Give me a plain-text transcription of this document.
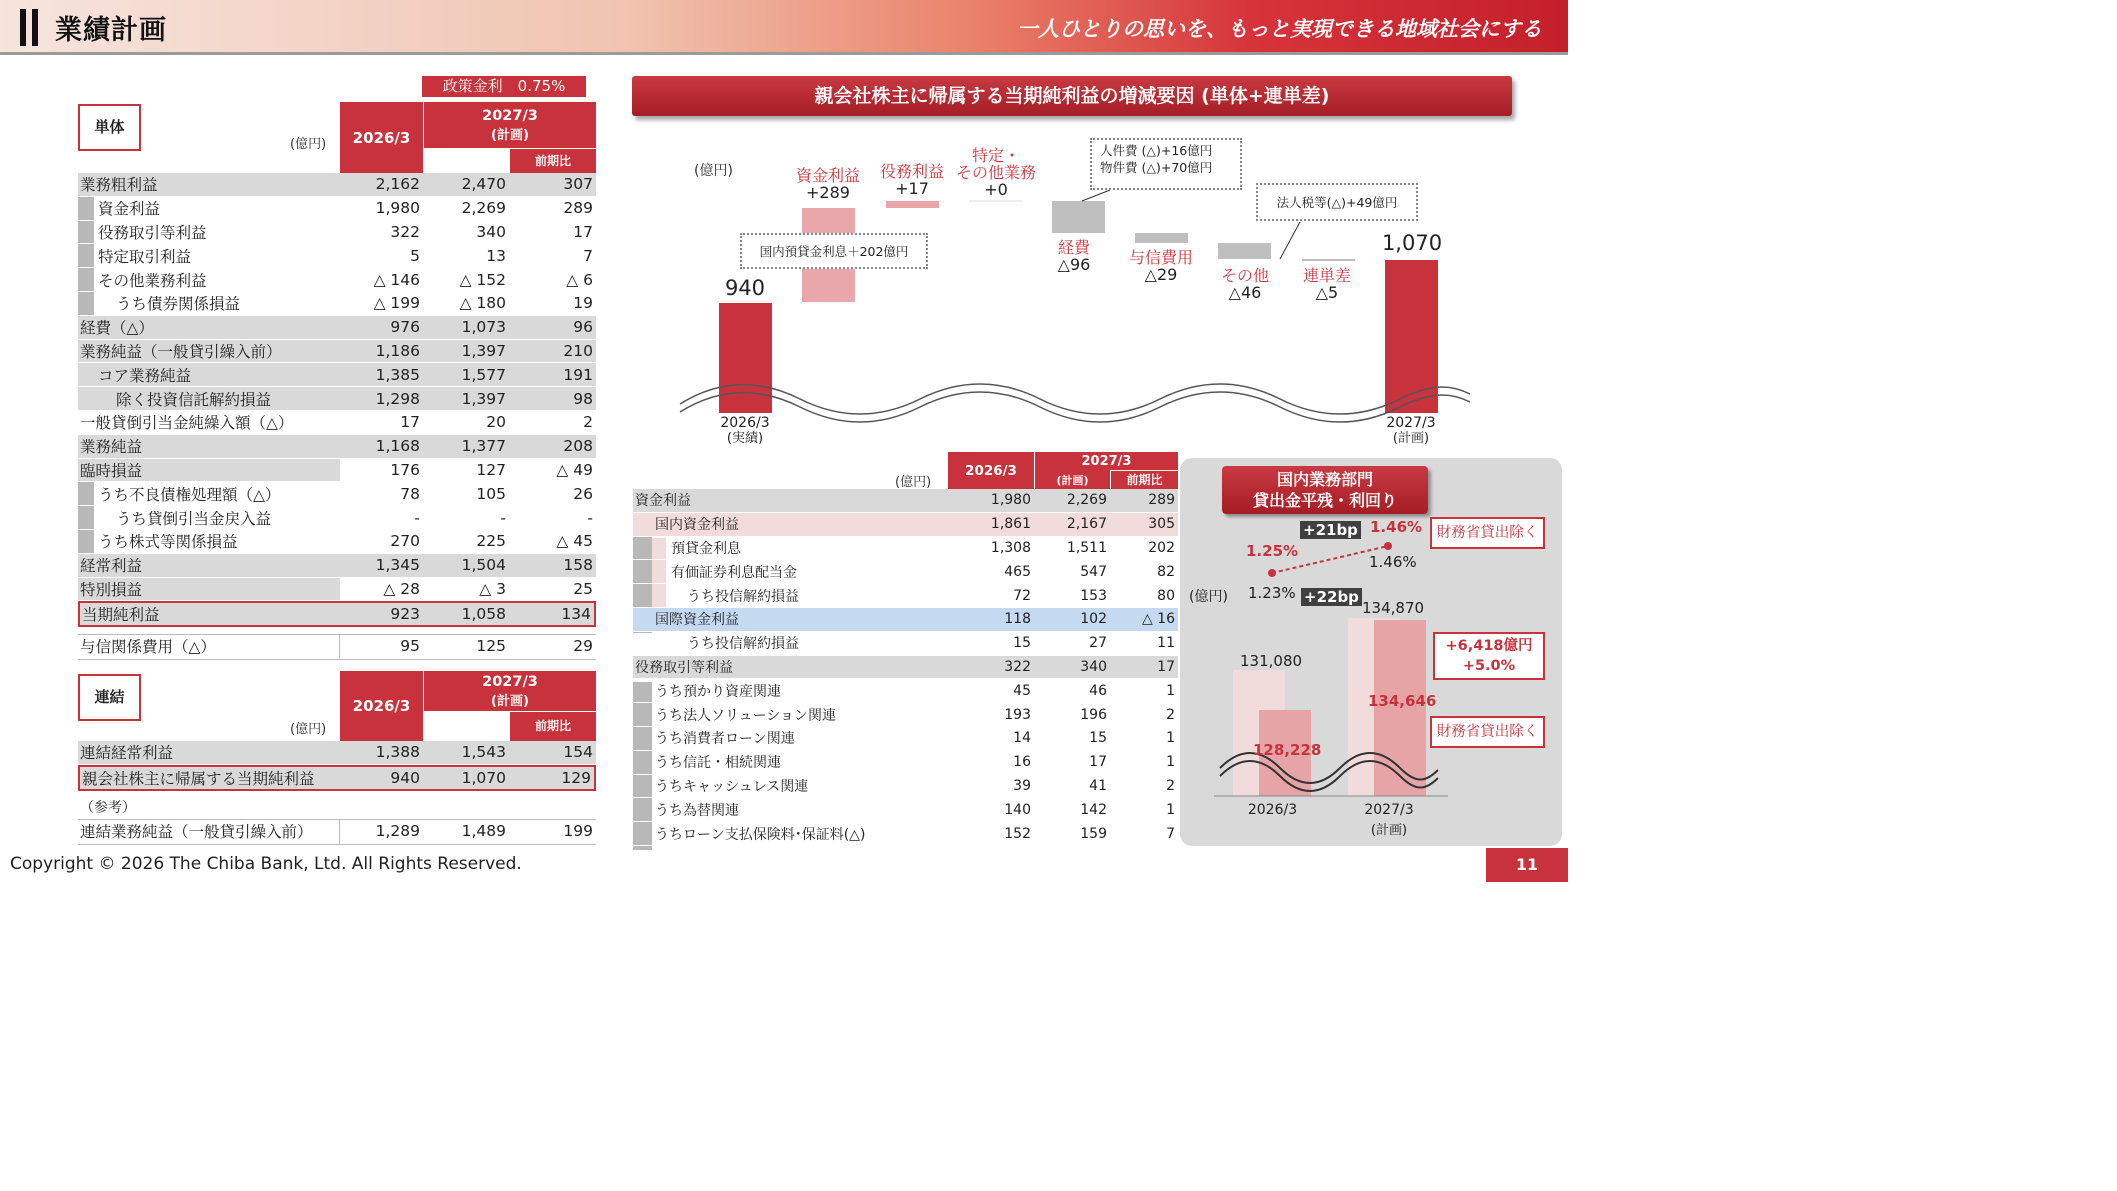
業績計画	一人ひとりの思いを、もっと実現できる地域社会にする
政策金利　0.75%
単体
(億円) 2026/3
2027/3
(計画)
前期比
業務粗利益	2,162	2,470	307
資金利益	1,980	2,269	289
役務取引等利益	322	340	17
特定取引利益	5	13	7
その他業務利益	△ 146	△ 152	△ 6
うち債券関係損益	△ 199	△ 180	19
経費（△）	976	1,073	96
業務純益（一般貸引繰入前）	1,186	1,397	210
コア業務純益	1,385	1,577	191
除く投資信託解約損益	1,298	1,397	98
一般貸倒引当金純繰入額（△）	17	20	2
業務純益	1,168	1,377	208
臨時損益	176	127	△ 49
うち不良債権処理額（△）	78	105	26
うち貸倒引当金戻入益	-	-	-
うち株式等関係損益	270	225	△ 45
経常利益	1,345	1,504	158
特別損益	△ 28	△ 3	25
当期純利益	923	1,058	134
与信関係費用（△）	95	125	29
連結
(億円)
2026/3
2027/3
(計画)
前期比
連結経常利益	1,388	1,543	154
親会社株主に帰属する当期純利益	940	1,070	129
（参考）
連結業務純益（一般貸引繰入前）	1,289	1,489	199
親会社株主に帰属する当期純利益の増減要因 (単体+連単差)
(億円)
940
1,070
資金利益
+289
役務利益
+17
特定・
その他業務
+0
経費
△96	与信費用
△29	その他
△46
連単差
△5
2026/3
(実績)
2027/3
(計画)
国内預貸金利息＋202億円
人件費 (△)+16億円
物件費 (△)+70億円
法人税等(△)+49億円
(億円)
2026/3
2027/3
(計画)	前期比
資金利益	1,980	2,269	289
国内資金利益	1,861	2,167	305
預貸金利息	1,308	1,511	202
有価証券利息配当金	465	547	82
うち投信解約損益	72	153	80
国際資金利益	118	102	△ 16
うち投信解約損益	15	27	11
役務取引等利益	322	340	17
うち預かり資産関連	45	46	1
うち法人ソリューション関連	193	196	2
うち消費者ローン関連	14	15	1
うち信託・相続関連	16	17	1
うちキャッシュレス関連	39	41	2
うち為替関連	140	142	1
うちローン支払保険料･保証料(△)	152	159	7
国内業務部門
貸出金平残・利回り
+21bp
+22bp
1.46%
1.25%
1.46%
1.23%
(億円)
134,870
131,080
134,646
128,228
財務省貸出除く
+6,418億円
+5.0%
財務省貸出除く
2026/3	2027/3
(計画)
Copyright © 2026 The Chiba Bank, Ltd. All Rights Reserved.	11
